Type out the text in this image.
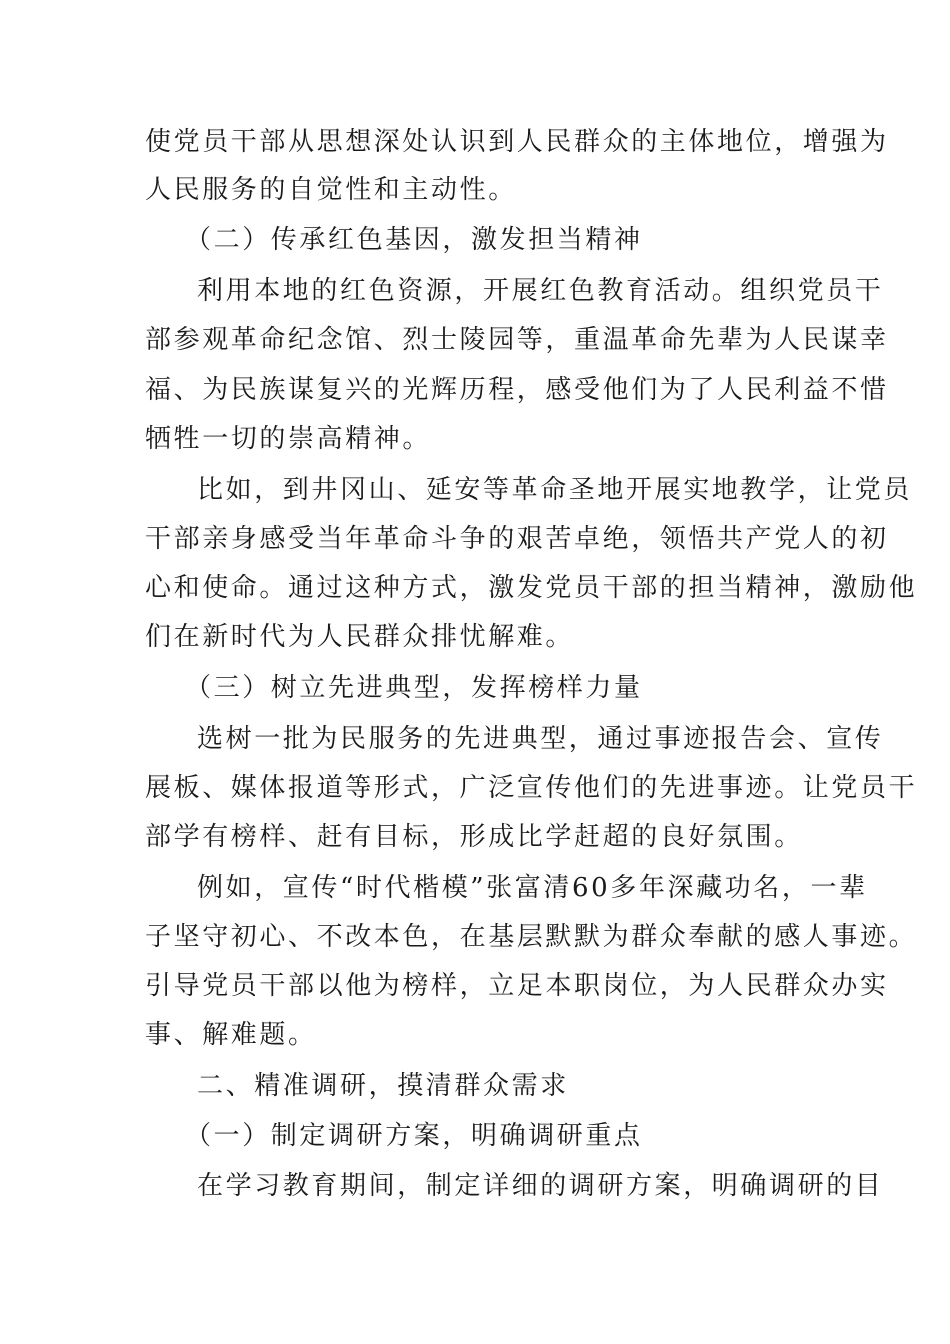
使党员干部从思想深处认识到人民群众的主体地位，增强为
人民服务的自觉性和主动性。
（二）传承红色基因，激发担当精神
利用本地的红色资源，开展红色教育活动。组织党员干
部参观革命纪念馆、烈士陵园等，重温革命先辈为人民谋幸
福、为民族谋复兴的光辉历程，感受他们为了人民利益不惜
牺牲一切的崇高精神。
比如，到井冈山、延安等革命圣地开展实地教学，让党员
干部亲身感受当年革命斗争的艰苦卓绝，领悟共产党人的初
心和使命。通过这种方式，激发党员干部的担当精神，激励他
们在新时代为人民群众排忧解难。
（三）树立先进典型，发挥榜样力量
选树一批为民服务的先进典型，通过事迹报告会、宣传
展板、媒体报道等形式，广泛宣传他们的先进事迹。让党员干
部学有榜样、赶有目标，形成比学赶超的良好氛围。
例如，宣传“时代楷模”张富清60多年深藏功名，一辈
子坚守初心、不改本色，在基层默默为群众奉献的感人事迹。
引导党员干部以他为榜样，立足本职岗位，为人民群众办实
事、解难题。
二、精准调研，摸清群众需求
（一）制定调研方案，明确调研重点
在学习教育期间，制定详细的调研方案，明确调研的目
